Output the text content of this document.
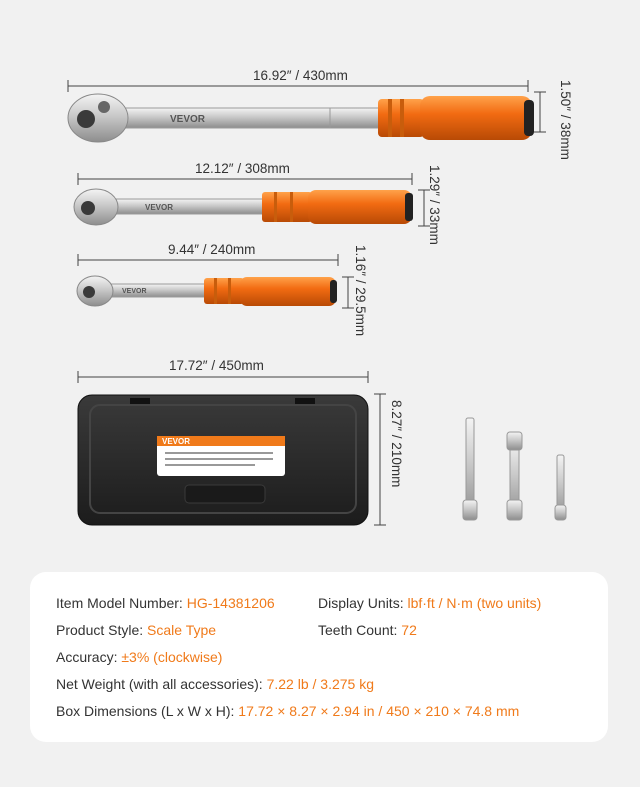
VEVOR
VEVOR
VEVOR
VEVOR
16.92″ / 430mm
1.50″ / 38mm
12.12″ / 308mm	1.29″ / 33mm
9.44″ / 240mm	1.16″ / 29.5mm
17.72″ / 450mm
8.27″ / 210mm
Item Model Number: HG-14381206	Display Units: lbf·ft / N·m (two units)
Product Style: Scale Type	Teeth Count: 72
Accuracy: ±3% (clockwise)
Net Weight (with all accessories): 7.22 lb / 3.275 kg
Box Dimensions (L x W x H): 17.72 × 8.27 × 2.94 in / 450 × 210 × 74.8 mm
